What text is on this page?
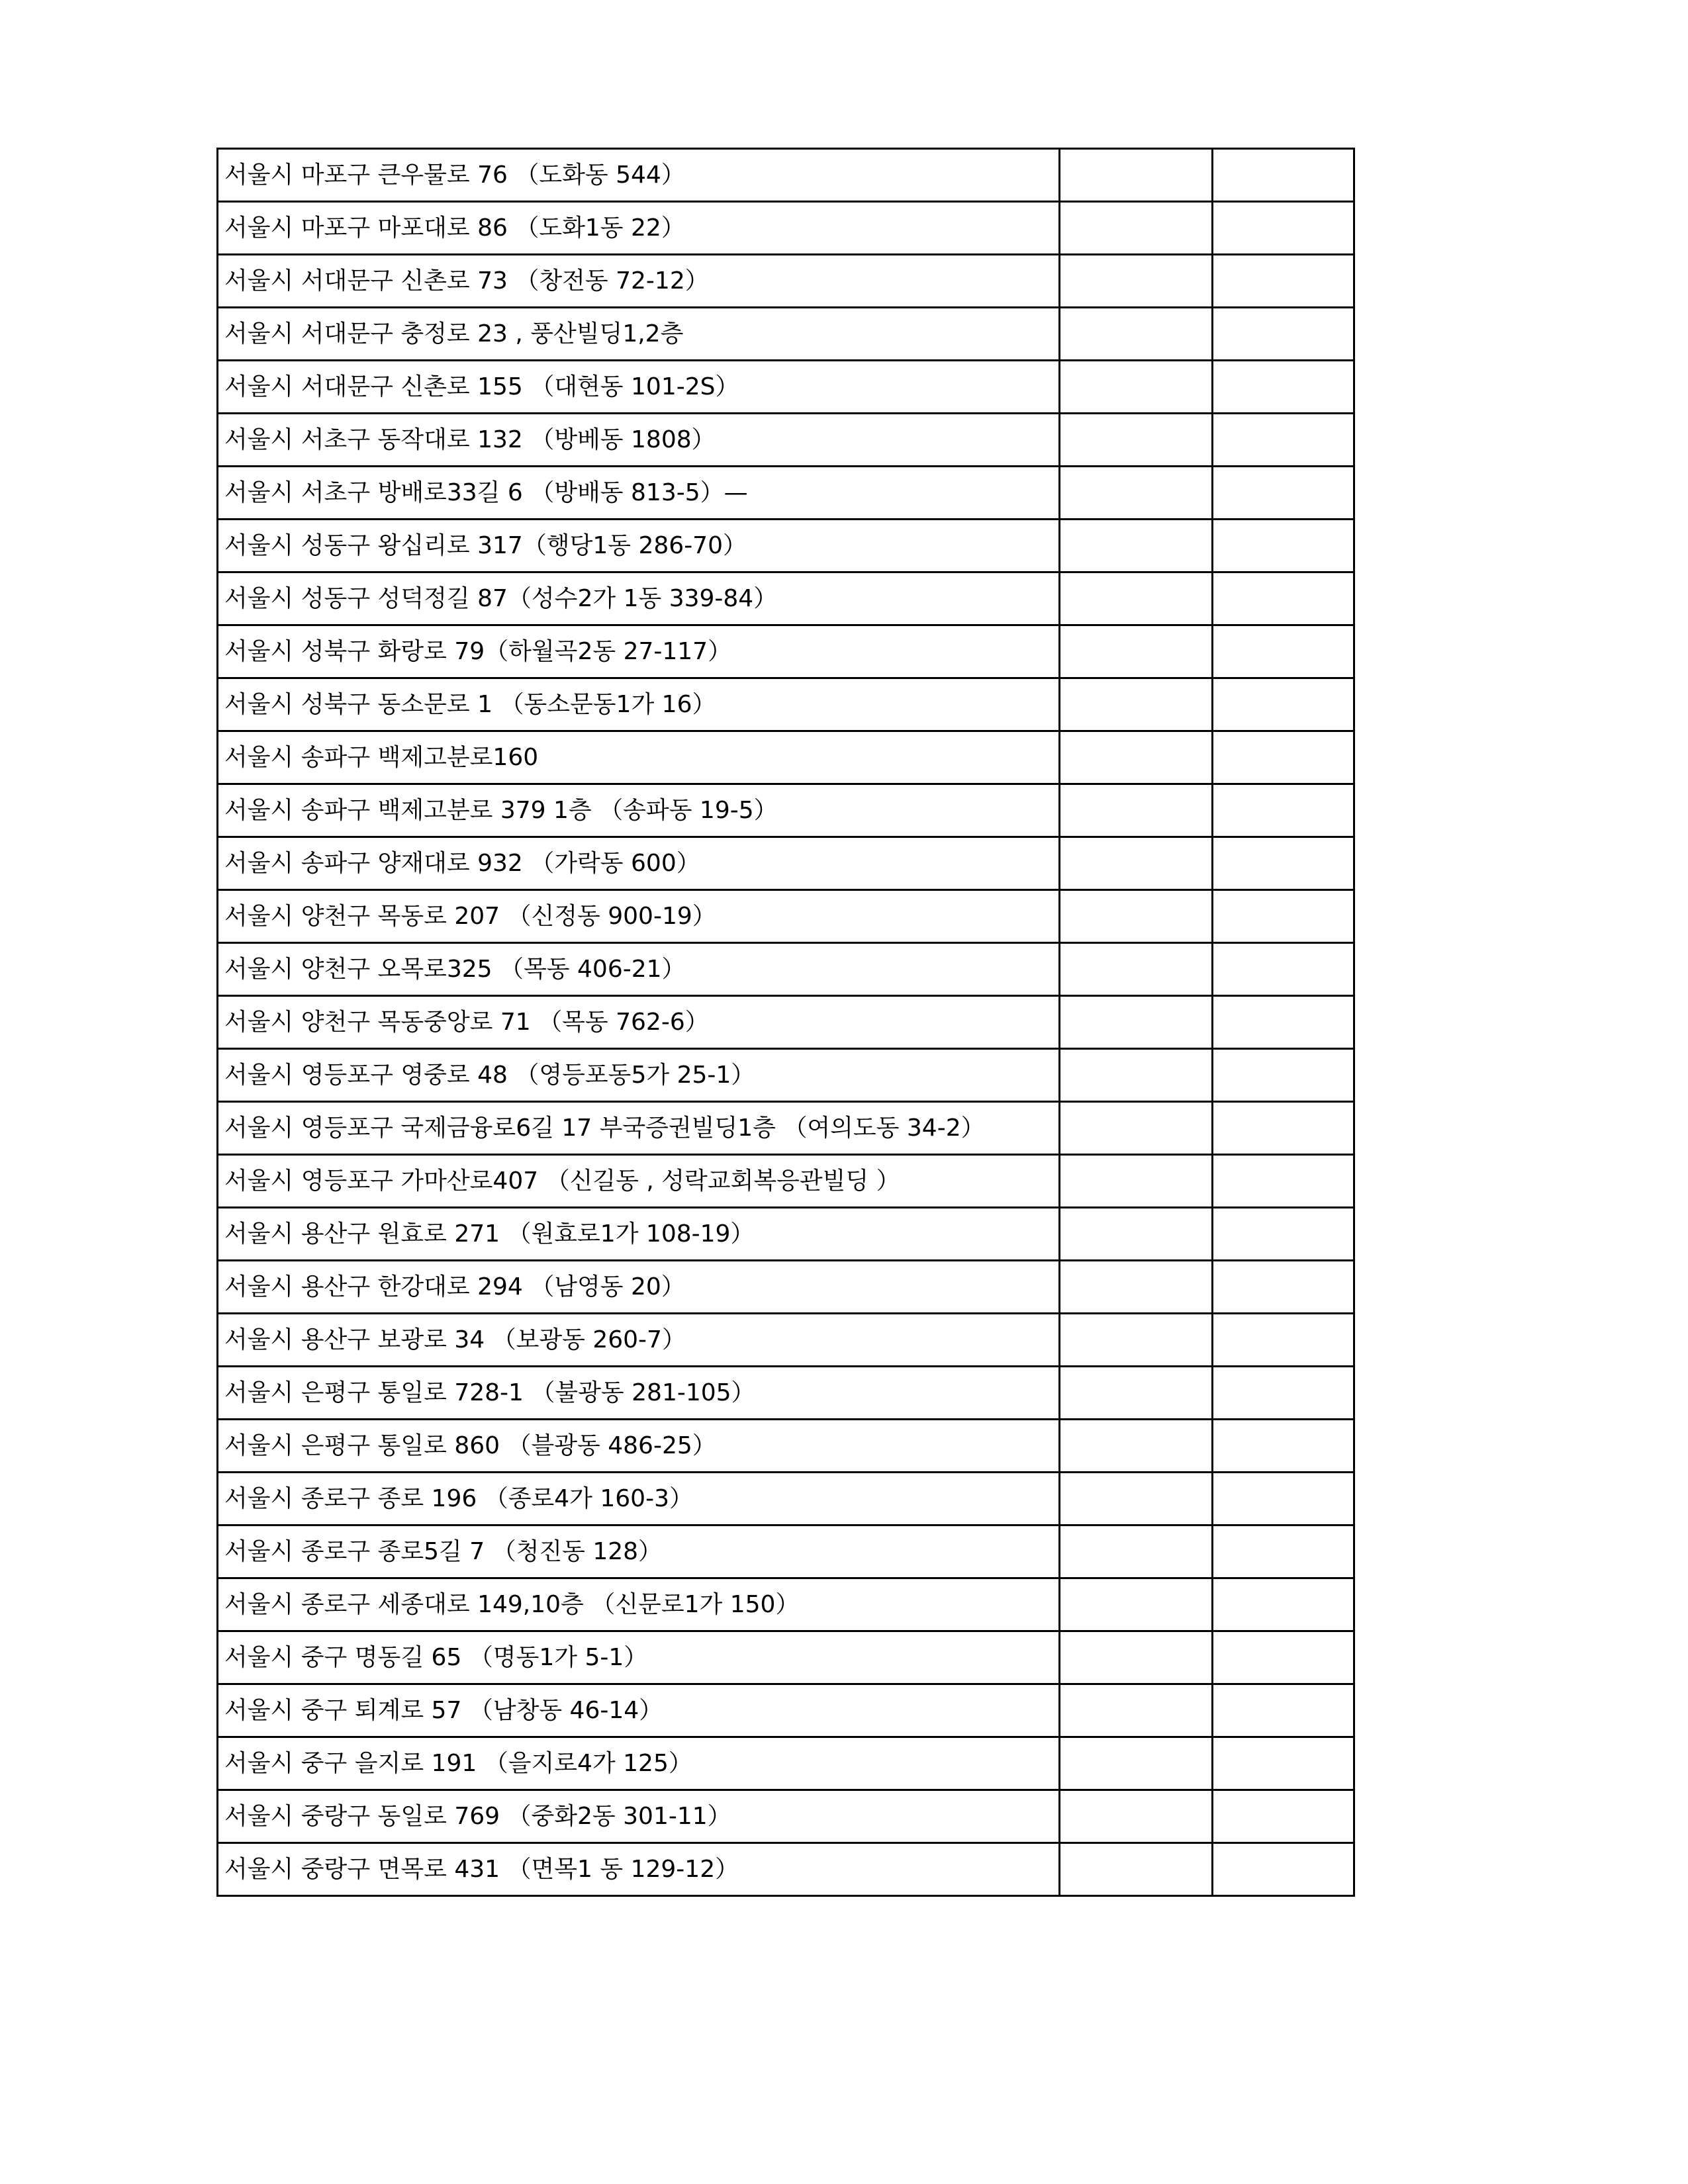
서울시 마포구 큰우물로 76 （도화동 544）		
서울시 마포구 마포대로 86 （도화1동 22）		
서울시 서대문구 신촌로 73 （창전동 72-12）		
서울시 서대문구 충정로 23 , 풍산빌딩1,2층		
서울시 서대문구 신촌로 155 （대현동 101-2S）		
서울시 서초구 동작대로 132 （방베동 1808）		
서울시 서초구 방배로33길 6 （방배동 813-5）—		
서울시 성동구 왕십리로 317（행당1동 286-70）		
서울시 성동구 성덕정길 87（성수2가 1동 339-84）		
서울시 성북구 화랑로 79（하월곡2동 27-117）		
서울시 성북구 동소문로 1 （동소문동1가 16）		
서울시 송파구 백제고분로160		
서울시 송파구 백제고분로 379 1층 （송파동 19-5）		
서울시 송파구 양재대로 932 （가락동 600）		
서울시 양천구 목동로 207 （신정동 900-19）		
서울시 양천구 오목로325 （목동 406-21）		
서울시 양천구 목동중앙로 71 （목동 762-6）		
서울시 영등포구 영중로 48 （영등포동5가 25-1）		
서울시 영등포구 국제금융로6길 17 부국증권빌딩1층 （여의도동 34-2）		
서울시 영등포구 가마산로407 （신길동 , 성락교회복응관빌딩 ）		
서울시 용산구 원효로 271 （원효로1가 108-19）		
서울시 용산구 한강대로 294 （남영동 20）		
서울시 용산구 보광로 34 （보광동 260-7）		
서울시 은평구 통일로 728-1 （불광동 281-105）		
서울시 은평구 통일로 860 （블광동 486-25）		
서울시 종로구 종로 196 （종로4가 160-3）		
서울시 종로구 종로5길 7 （청진동 128）		
서울시 종로구 세종대로 149,10층 （신문로1가 150）		
서울시 중구 명동길 65 （명동1가 5-1）		
서울시 중구 퇴계로 57 （남창동 46-14）		
서울시 중구 을지로 191 （을지로4가 125）		
서울시 중랑구 동일로 769 （중화2동 301-11）		
서울시 중랑구 면목로 431 （면목1 동 129-12）		
